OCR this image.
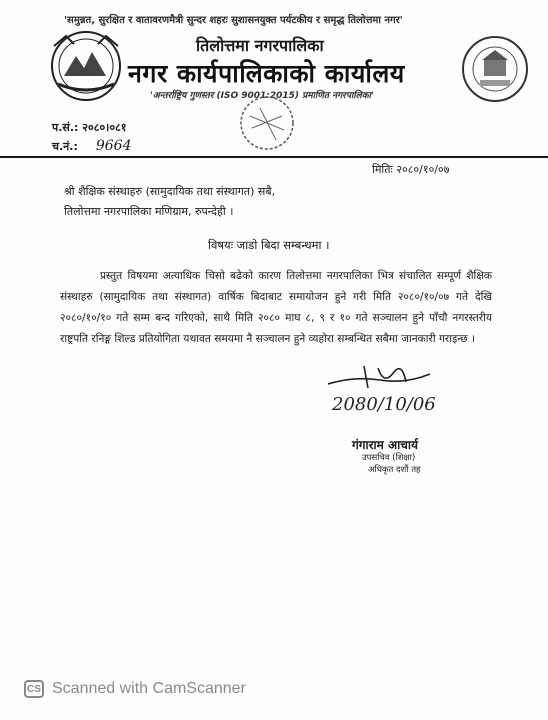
'समुन्नत, सुरक्षित र वातावरणमैत्री सुन्दर शहरः सुशासनयुक्त पर्यटकीय र समृद्ध तिलोत्तमा नगर'
तिलोत्तमा नगरपालिका
नगर कार्यपालिकाको कार्यालय
'अन्तर्राष्ट्रिय गुणस्तर (ISO 9001:2015) प्रमाणित नगरपालिका'
प.सं.: २०८०।०८१
च.नं.: 9664
मितिः २०८०/१०/०७
श्री शैक्षिक संस्थाहरु (सामुदायिक तथा संस्थागत) सबै,
तिलोत्तमा नगरपालिका मणिग्राम, रुपन्देही ।
विषयः जाडो बिदा सम्बन्धमा ।
प्रस्तुत विषयमा अत्याधिक चिसो बढेको कारण तिलोत्तमा नगरपालिका भित्र संचालित सम्पूर्ण शैक्षिक संस्थाहरु (सामुदायिक तथा संस्थागत) वार्षिक बिदाबाट समायोजन हुने गरी मिति २०८०/१०/०७ गते देखि २०८०/१०/१० गते सम्म बन्द गरिएको, साथै मिति २०८० माघ ८, ९ र १० गते सञ्चालन हुने पाँचौ नगरस्तरीय राष्ट्रपति रनिङ्ग शिल्ड प्रतियोगिता यथावत समयमा नै सञ्चालन हुने व्यहोरा सम्बन्धित सबैमा जानकारी गराइन्छ ।
2080/10/06
गंगाराम आचार्य
उपसचिव (शिक्षा)
अधिकृत दशौं तह
CS Scanned with CamScanner
